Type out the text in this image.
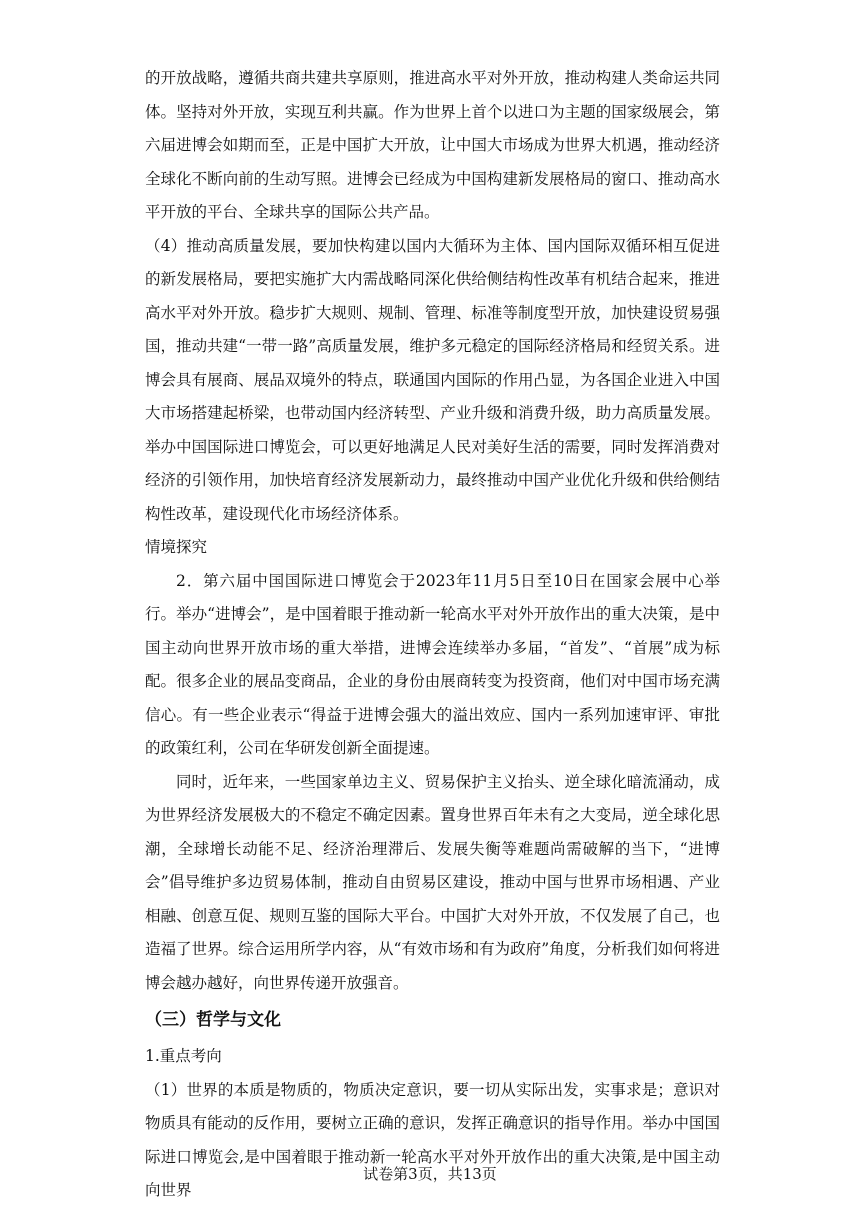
的开放战略，遵循共商共建共享原则，推进高水平对外开放，推动构建人类命运共同体。坚持对外开放，实现互利共赢。作为世界上首个以进口为主题的国家级展会，第六届进博会如期而至，正是中国扩大开放，让中国大市场成为世界大机遇，推动经济全球化不断向前的生动写照。进博会已经成为中国构建新发展格局的窗口、推动高水平开放的平台、全球共享的国际公共产品。

（4）推动高质量发展，要加快构建以国内大循环为主体、国内国际双循环相互促进的新发展格局，要把实施扩大内需战略同深化供给侧结构性改革有机结合起来，推进高水平对外开放。稳步扩大规则、规制、管理、标准等制度型开放，加快建设贸易强国，推动共建“一带一路”高质量发展，维护多元稳定的国际经济格局和经贸关系。进博会具有展商、展品双境外的特点，联通国内国际的作用凸显，为各国企业进入中国大市场搭建起桥梁，也带动国内经济转型、产业升级和消费升级，助力高质量发展。举办中国国际进口博览会，可以更好地满足人民对美好生活的需要，同时发挥消费对经济的引领作用，加快培育经济发展新动力，最终推动中国产业优化升级和供给侧结构性改革，建设现代化市场经济体系。

情境探究

2．第六届中国国际进口博览会于2023年11月5日至10日在国家会展中心举行。举办“进博会”，是中国着眼于推动新一轮高水平对外开放作出的重大决策，是中国主动向世界开放市场的重大举措，进博会连续举办多届，“首发”、“首展”成为标配。很多企业的展品变商品，企业的身份由展商转变为投资商，他们对中国市场充满信心。有一些企业表示“得益于进博会强大的溢出效应、国内一系列加速审评、审批的政策红利，公司在华研发创新全面提速。

同时，近年来，一些国家单边主义、贸易保护主义抬头、逆全球化暗流涌动，成为世界经济发展极大的不稳定不确定因素。置身世界百年未有之大变局，逆全球化思潮，全球增长动能不足、经济治理滞后、发展失衡等难题尚需破解的当下，“进博会”倡导维护多边贸易体制，推动自由贸易区建设，推动中国与世界市场相遇、产业相融、创意互促、规则互鉴的国际大平台。中国扩大对外开放，不仅发展了自己，也造福了世界。综合运用所学内容，从“有效市场和有为政府”角度，分析我们如何将进博会越办越好，向世界传递开放强音。

（三）哲学与文化

1.重点考向

（1）世界的本质是物质的，物质决定意识，要一切从实际出发，实事求是；意识对物质具有能动的反作用，要树立正确的意识，发挥正确意识的指导作用。举办中国国际进口博览会,是中国着眼于推动新一轮高水平对外开放作出的重大决策,是中国主动向世界

试卷第3页，共13页
